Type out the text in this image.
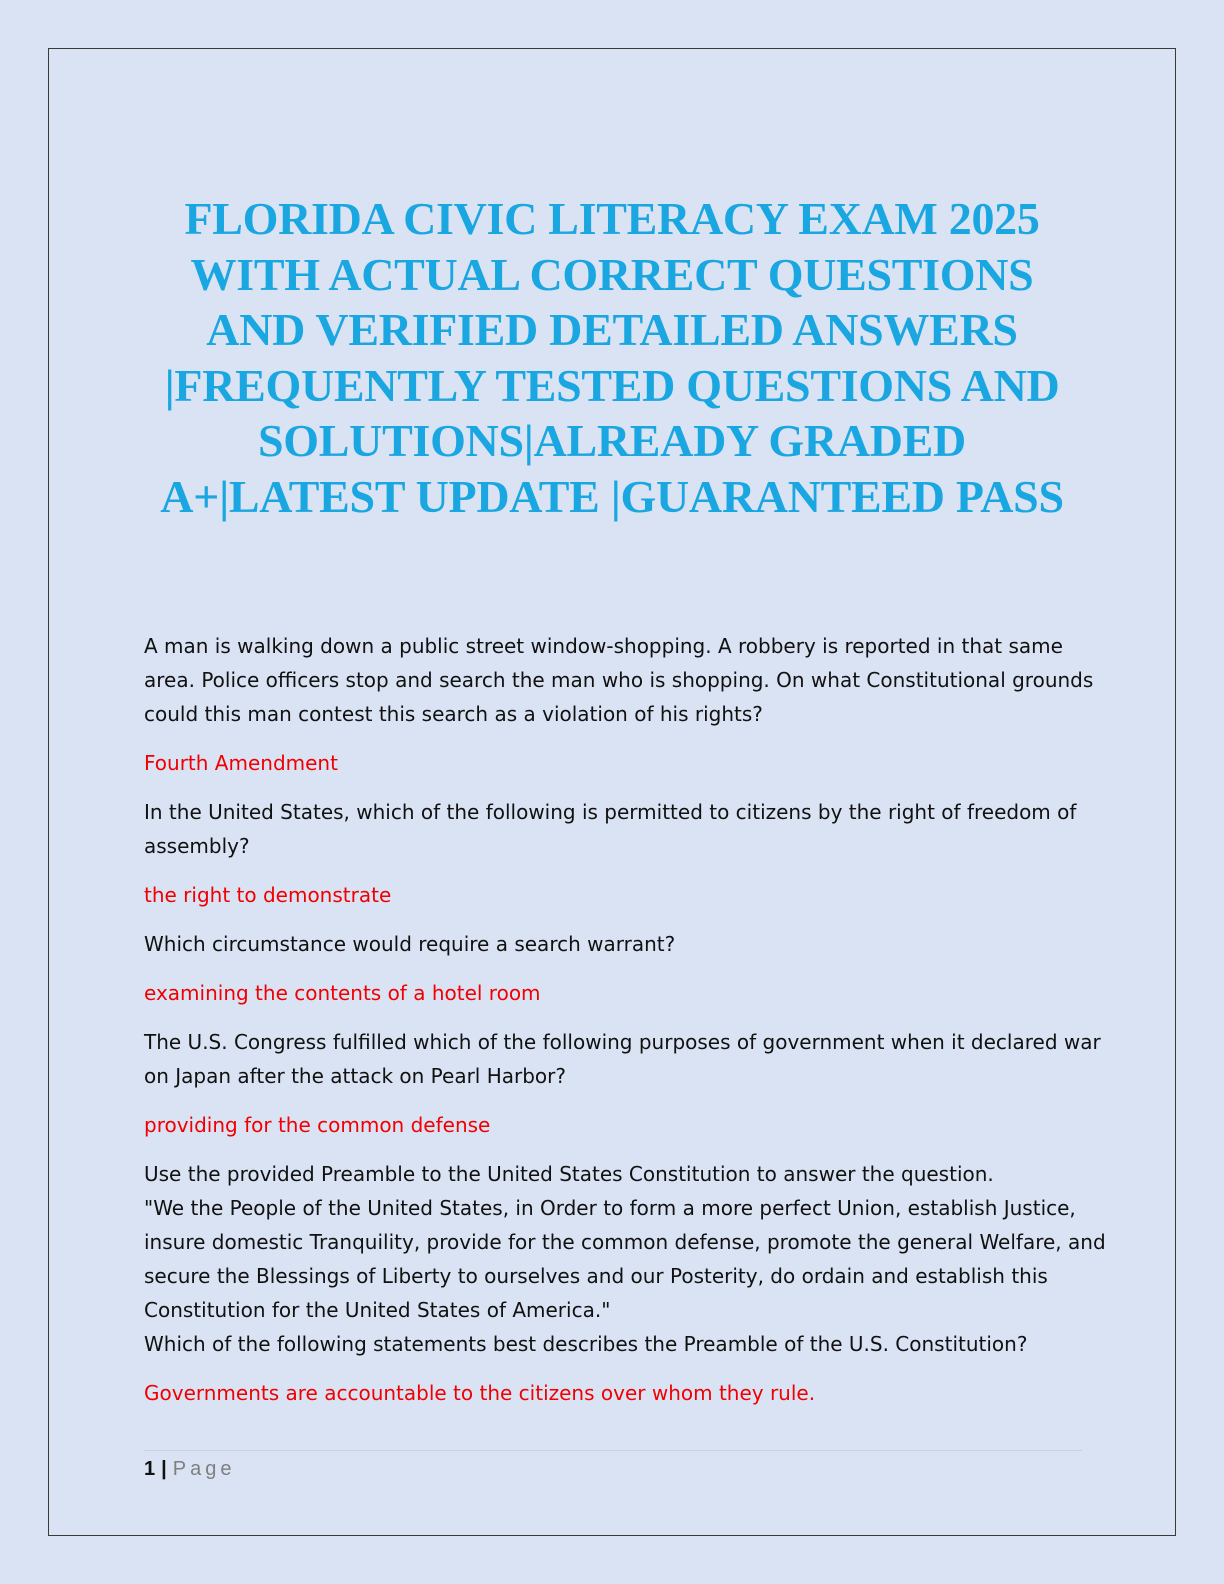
FLORIDA CIVIC LITERACY EXAM 2025
WITH ACTUAL CORRECT QUESTIONS
AND VERIFIED DETAILED ANSWERS
|FREQUENTLY TESTED QUESTIONS AND
SOLUTIONS|ALREADY GRADED
A+|LATEST UPDATE |GUARANTEED PASS
A man is walking down a public street window-shopping. A robbery is reported in that same
area. Police officers stop and search the man who is shopping. On what Constitutional grounds
could this man contest this search as a violation of his rights?
Fourth Amendment
In the United States, which of the following is permitted to citizens by the right of freedom of
assembly?
the right to demonstrate
Which circumstance would require a search warrant?
examining the contents of a hotel room
The U.S. Congress fulfilled which of the following purposes of government when it declared war
on Japan after the attack on Pearl Harbor?
providing for the common defense
Use the provided Preamble to the United States Constitution to answer the question.
"We the People of the United States, in Order to form a more perfect Union, establish Justice,
insure domestic Tranquility, provide for the common defense, promote the general Welfare, and
secure the Blessings of Liberty to ourselves and our Posterity, do ordain and establish this
Constitution for the United States of America."
Which of the following statements best describes the Preamble of the U.S. Constitution?
Governments are accountable to the citizens over whom they rule.
1 | Page
